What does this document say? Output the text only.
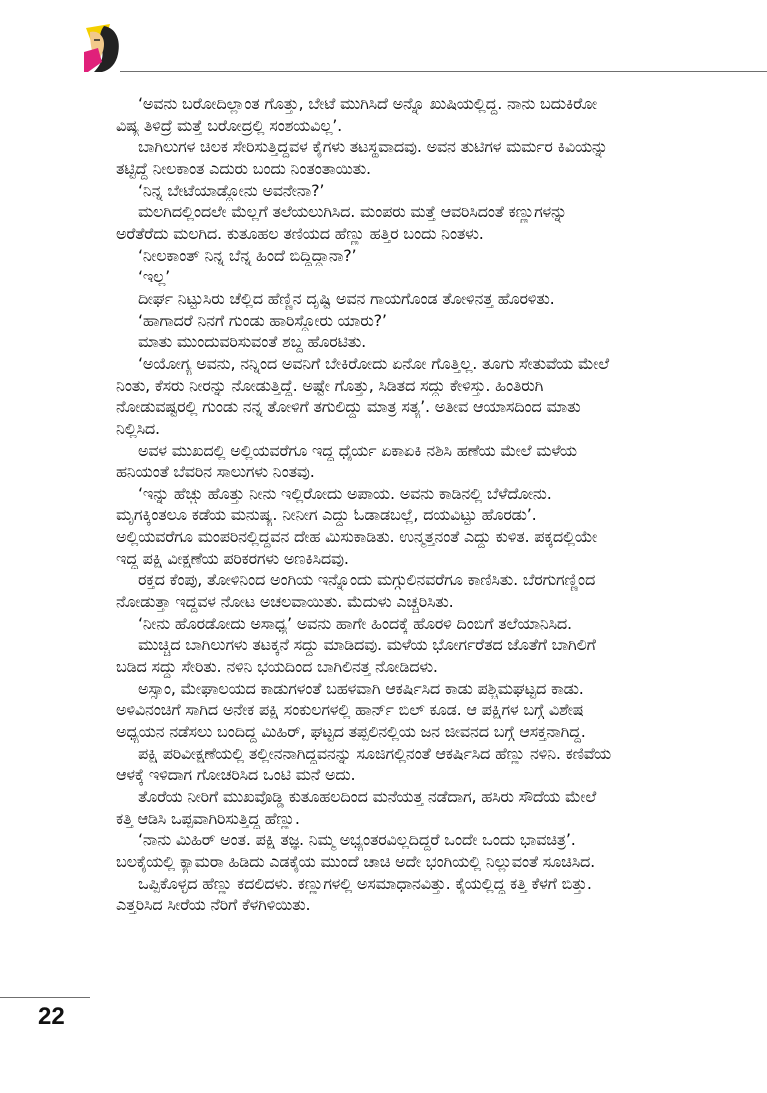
‘ಅವನು ಬರೋದಿಲ್ಲಾಂತ ಗೊತ್ತು, ಬೇಟೆ ಮುಗಿಸಿದೆ ಅನ್ನೊ ಖುಷಿಯಲ್ಲಿದ್ದ. ನಾನು ಬದುಕಿರೋ
ವಿಷ್ಯ ತಿಳಿದ್ರೆ ಮತ್ತೆ ಬರೋದ್ರಲ್ಲಿ ಸಂಶಯವಿಲ್ಲ’.
ಬಾಗಿಲುಗಳ ಚಿಲಕ ಸೇರಿಸುತ್ತಿದ್ದವಳ ಕೈಗಳು ತಟಸ್ಥವಾದವು. ಅವನ ತುಟಿಗಳ ಮರ್ಮರ ಕಿವಿಯನ್ನು
ತಟ್ಟಿದ್ದೆ ನೀಲಕಾಂತ ಎದುರು ಬಂದು ನಿಂತಂತಾಯಿತು.
‘ನಿನ್ನ ಬೇಟೆಯಾಡ್ದೋನು ಅವನೇನಾ?’
ಮಲಗಿದಲ್ಲಿಂದಲೇ ಮೆಲ್ಲಗೆ ತಲೆಯಲುಗಿಸಿದ. ಮಂಪರು ಮತ್ತೆ ಆವರಿಸಿದಂತೆ ಕಣ್ಣುಗಳನ್ನು
ಅರೆತೆರೆದು ಮಲಗಿದ. ಕುತೂಹಲ ತಣಿಯದ ಹೆಣ್ಣು ಹತ್ತಿರ ಬಂದು ನಿಂತಳು.
‘ನೀಲಕಾಂತ್ ನಿನ್ನ ಬೆನ್ನ ಹಿಂದೆ ಬಿದ್ದಿದ್ದಾನಾ?’
‘ಇಲ್ಲ’
ದೀರ್ಘ ನಿಟ್ಟುಸಿರು ಚೆಲ್ಲಿದ ಹೆಣ್ಣಿನ ದೃಷ್ಟಿ ಅವನ ಗಾಯಗೊಂಡ ತೋಳಿನತ್ತ ಹೊರಳಿತು.
‘ಹಾಗಾದರೆ ನಿನಗೆ ಗುಂಡು ಹಾರಿಸ್ದೋರು ಯಾರು?’
ಮಾತು ಮುಂದುವರಿಸುವಂತೆ ಶಬ್ದ ಹೊರಟಿತು.
‘ಅಯೋಗ್ಯ ಅವನು, ನನ್ನಿಂದ ಅವನಿಗೆ ಬೇಕಿರೋದು ಏನೋ ಗೊತ್ತಿಲ್ಲ. ತೂಗು ಸೇತುವೆಯ ಮೇಲೆ
ನಿಂತು, ಕೆಸರು ನೀರನ್ನು ನೋಡುತ್ತಿದ್ದೆ. ಅಷ್ಟೇ ಗೊತ್ತು, ಸಿಡಿತದ ಸದ್ದು ಕೇಳಿಸ್ತು. ಹಿಂತಿರುಗಿ
ನೋಡುವಷ್ಟರಲ್ಲಿ ಗುಂಡು ನನ್ನ ತೋಳಿಗೆ ತಗುಲಿದ್ದು ಮಾತ್ರ ಸತ್ಯ’. ಅತೀವ ಆಯಾಸದಿಂದ ಮಾತು
ನಿಲ್ಲಿಸಿದ.
ಅವಳ ಮುಖದಲ್ಲಿ ಅಲ್ಲಿಯವರೆಗೂ ಇದ್ದ ಧೈರ್ಯ ಏಕಾಏಕಿ ನಶಿಸಿ ಹಣೆಯ ಮೇಲೆ ಮಳೆಯ
ಹನಿಯಂತೆ ಬೆವರಿನ ಸಾಲುಗಳು ನಿಂತವು.
‘ಇನ್ನು ಹೆಚ್ಚು ಹೊತ್ತು ನೀನು ಇಲ್ಲಿರೋದು ಅಪಾಯ. ಅವನು ಕಾಡಿನಲ್ಲಿ ಬೆಳೆದೋನು.
ಮೃಗಕ್ಕಿಂತಲೂ ಕಡೆಯ ಮನುಷ್ಯ. ನೀನೀಗ ಎದ್ದು ಓಡಾಡಬಲ್ಲೆ, ದಯವಿಟ್ಟು ಹೊರಡು’.
ಅಲ್ಲಿಯವರೆಗೂ ಮಂಪರಿನಲ್ಲಿದ್ದವನ ದೇಹ ಮಿಸುಕಾಡಿತು. ಉನ್ಮತ್ತನಂತೆ ಎದ್ದು ಕುಳಿತ. ಪಕ್ಕದಲ್ಲಿಯೇ
ಇದ್ದ ಪಕ್ಷಿ ವೀಕ್ಷಣೆಯ ಪರಿಕರಗಳು ಅಣಕಿಸಿದವು.
ರಕ್ತದ ಕೆಂಪು, ತೋಳಿನಿಂದ ಅಂಗಿಯ ಇನ್ನೊಂದು ಮಗ್ಗುಲಿನವರೆಗೂ ಕಾಣಿಸಿತು. ಬೆರಗುಗಣ್ಣಿಂದ
ನೋಡುತ್ತಾ ಇದ್ದವಳ ನೋಟ ಅಚಲವಾಯಿತು. ಮೆದುಳು ಎಚ್ಚರಿಸಿತು.
‘ನೀನು ಹೊರಡೋದು ಅಸಾಧ್ಯ’ ಅವನು ಹಾಗೇ ಹಿಂದಕ್ಕೆ ಹೊರಳಿ ದಿಂಬಿಗೆ ತಲೆಯಾನಿಸಿದ.
ಮುಚ್ಚಿದ ಬಾಗಿಲುಗಳು ತಟಕ್ಕನೆ ಸದ್ದು ಮಾಡಿದವು. ಮಳೆಯ ಭೋರ್ಗರೆತದ ಜೊತೆಗೆ ಬಾಗಿಲಿಗೆ
ಬಡಿದ ಸದ್ದು ಸೇರಿತು. ನಳಿನಿ ಭಯದಿಂದ ಬಾಗಿಲಿನತ್ತ ನೋಡಿದಳು.
ಅಸ್ಸಾಂ, ಮೇಘಾಲಯದ ಕಾಡುಗಳಂತೆ ಬಹಳವಾಗಿ ಆಕರ್ಷಿಸಿದ ಕಾಡು ಪಶ್ಚಿಮಘಟ್ಟದ ಕಾಡು.
ಅಳಿವಿನಂಚಿಗೆ ಸಾಗಿದ ಅನೇಕ ಪಕ್ಷಿ ಸಂಕುಲಗಳಲ್ಲಿ ಹಾರ್ನ್ ಬಿಲ್ ಕೂಡ. ಆ ಪಕ್ಷಿಗಳ ಬಗ್ಗೆ ವಿಶೇಷ
ಅಧ್ಯಯನ ನಡೆಸಲು ಬಂದಿದ್ದ ಮಿಹಿರ್, ಘಟ್ಟದ ತಪ್ಪಲಿನಲ್ಲಿಯ ಜನ ಜೀವನದ ಬಗ್ಗೆ ಆಸಕ್ತನಾಗಿದ್ದ.
ಪಕ್ಷಿ ಪರಿವೀಕ್ಷಣೆಯಲ್ಲಿ ತಲ್ಲೀನನಾಗಿದ್ದವನನ್ನು ಸೂಜಿಗಲ್ಲಿನಂತೆ ಆಕರ್ಷಿಸಿದ ಹೆಣ್ಣು ನಳಿನಿ. ಕಣಿವೆಯ
ಆಳಕ್ಕೆ ಇಳಿದಾಗ ಗೋಚರಿಸಿದ ಒಂಟಿ ಮನೆ ಅದು.
ತೊರೆಯ ನೀರಿಗೆ ಮುಖವೊಡ್ಡಿ ಕುತೂಹಲದಿಂದ ಮನೆಯತ್ತ ನಡೆದಾಗ, ಹಸಿರು ಸೌದೆಯ ಮೇಲೆ
ಕತ್ತಿ ಆಡಿಸಿ ಒಪ್ಪವಾಗಿರಿಸುತ್ತಿದ್ದ ಹೆಣ್ಣು.
‘ನಾನು ಮಿಹಿರ್ ಅಂತ. ಪಕ್ಷಿ ತಜ್ಞ. ನಿಮ್ಮ ಅಭ್ಯಂತರವಿಲ್ಲದಿದ್ದರೆ ಒಂದೇ ಒಂದು ಭಾವಚಿತ್ರ’.
ಬಲಕೈಯಲ್ಲಿ ಕ್ಯಾಮರಾ ಹಿಡಿದು ಎಡಕೈಯ ಮುಂದೆ ಚಾಚಿ ಅದೇ ಭಂಗಿಯಲ್ಲಿ ನಿಲ್ಲುವಂತೆ ಸೂಚಿಸಿದ.
ಒಪ್ಪಿಕೊಳ್ಳದ ಹೆಣ್ಣು ಕದಲಿದಳು. ಕಣ್ಣುಗಳಲ್ಲಿ ಅಸಮಾಧಾನವಿತ್ತು. ಕೈಯಲ್ಲಿದ್ದ ಕತ್ತಿ ಕೆಳಗೆ ಬಿತ್ತು.
ಎತ್ತರಿಸಿದ ಸೀರೆಯ ನೆರಿಗೆ ಕೆಳಗಿಳಿಯಿತು.
22
